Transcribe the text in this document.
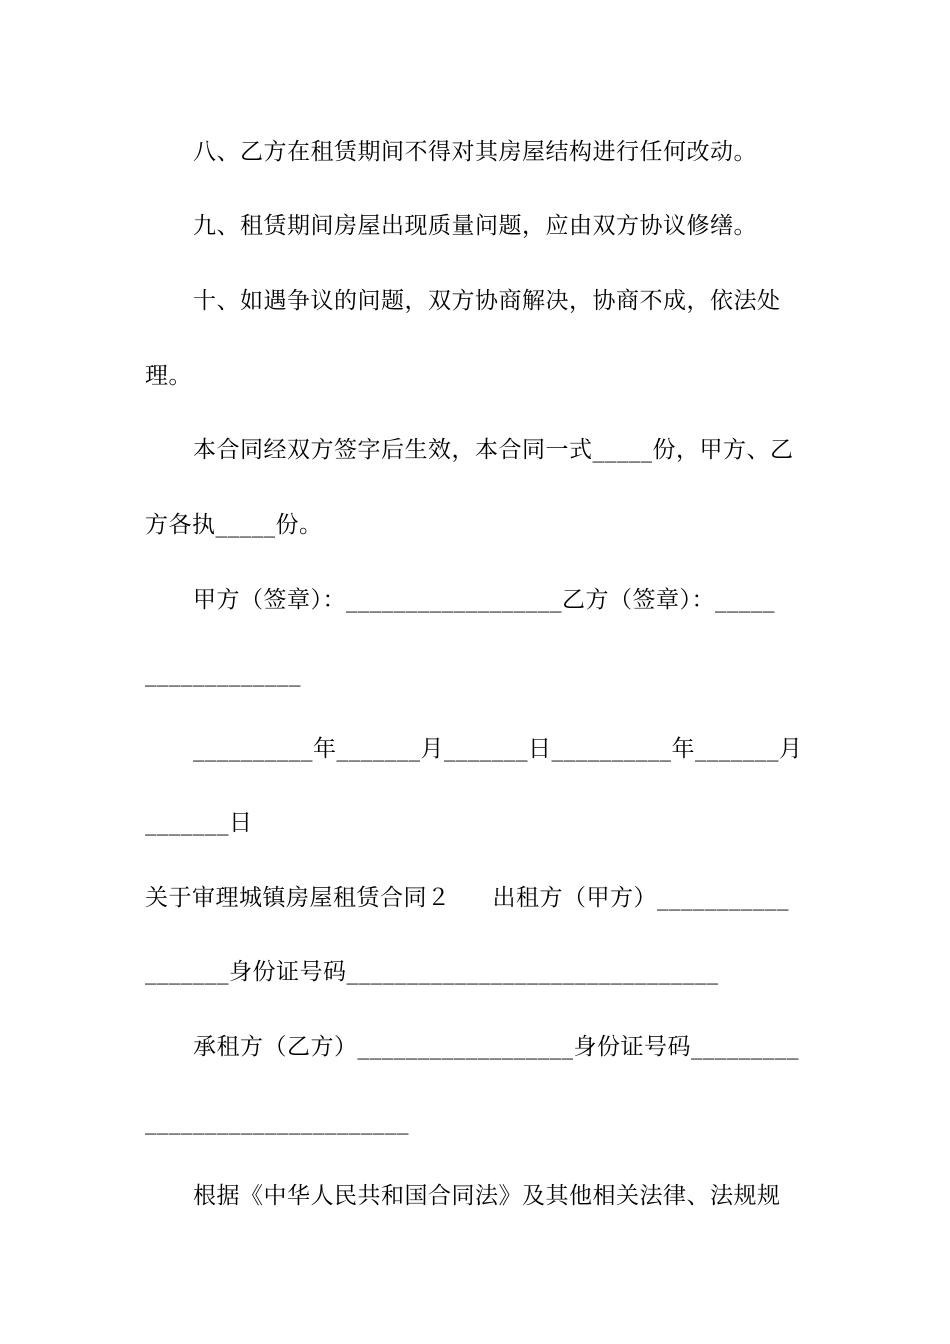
八、乙方在租赁期间不得对其房屋结构进行任何改动。
九、租赁期间房屋出现质量问题，应由双方协议修缮。
十、如遇争议的问题，双方协商解决，协商不成，依法处
理。
本合同经双方签字后生效，本合同一式_____份，甲方、乙
方各执_____份。
甲方（签章）：__________________乙方（签章）：_____
_____________
__________年_______月_______日__________年_______月
_______日
关于审理城镇房屋租赁合同２ 出租方（甲方）___________
_______身份证号码_______________________________
承租方（乙方）__________________身份证号码_________
______________________
根据《中华人民共和国合同法》及其他相关法律、法规规
